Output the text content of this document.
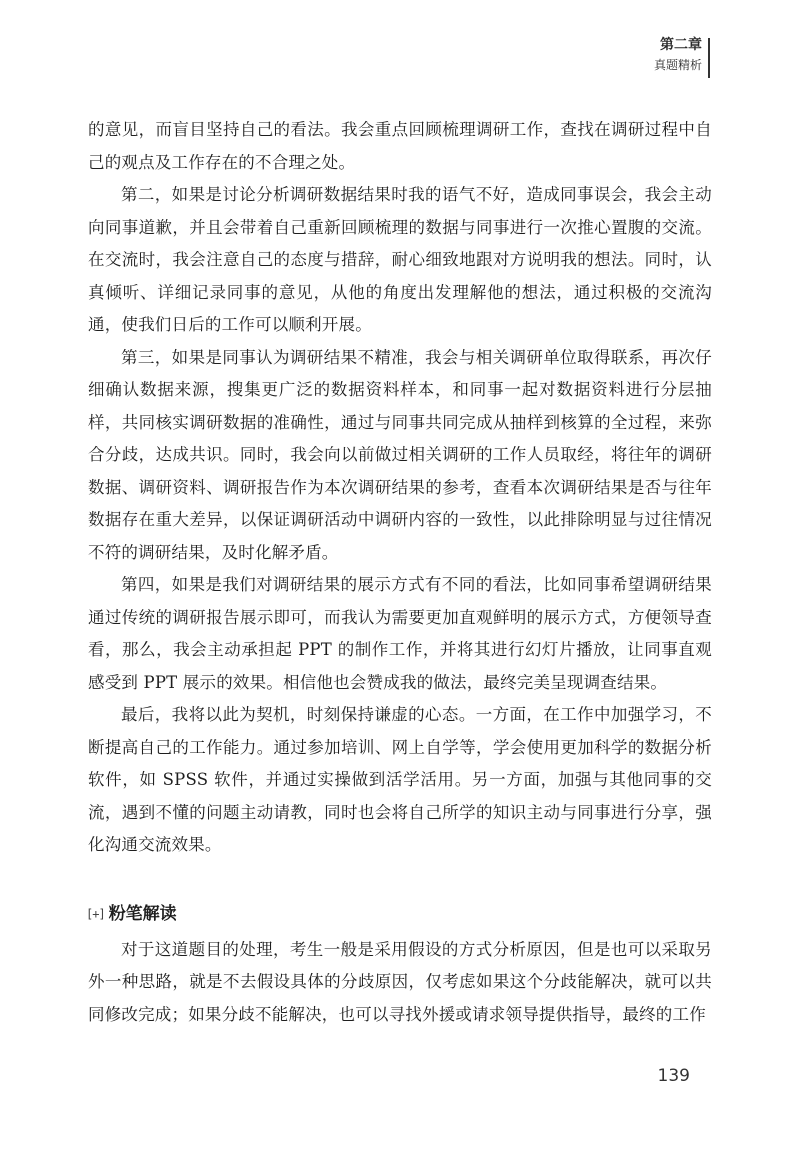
第二章
真题精析

的意见，而盲目坚持自己的看法。我会重点回顾梳理调研工作，查找在调研过程中自己的观点及工作存在的不合理之处。

第二，如果是讨论分析调研数据结果时我的语气不好，造成同事误会，我会主动向同事道歉，并且会带着自己重新回顾梳理的数据与同事进行一次推心置腹的交流。在交流时，我会注意自己的态度与措辞，耐心细致地跟对方说明我的想法。同时，认真倾听、详细记录同事的意见，从他的角度出发理解他的想法，通过积极的交流沟通，使我们日后的工作可以顺利开展。

第三，如果是同事认为调研结果不精准，我会与相关调研单位取得联系，再次仔细确认数据来源，搜集更广泛的数据资料样本，和同事一起对数据资料进行分层抽样，共同核实调研数据的准确性，通过与同事共同完成从抽样到核算的全过程，来弥合分歧，达成共识。同时，我会向以前做过相关调研的工作人员取经，将往年的调研数据、调研资料、调研报告作为本次调研结果的参考，查看本次调研结果是否与往年数据存在重大差异，以保证调研活动中调研内容的一致性，以此排除明显与过往情况不符的调研结果，及时化解矛盾。

第四，如果是我们对调研结果的展示方式有不同的看法，比如同事希望调研结果通过传统的调研报告展示即可，而我认为需要更加直观鲜明的展示方式，方便领导查看，那么，我会主动承担起 PPT 的制作工作，并将其进行幻灯片播放，让同事直观感受到 PPT 展示的效果。相信他也会赞成我的做法，最终完美呈现调查结果。

最后，我将以此为契机，时刻保持谦虚的心态。一方面，在工作中加强学习，不断提高自己的工作能力。通过参加培训、网上自学等，学会使用更加科学的数据分析软件，如 SPSS 软件，并通过实操做到活学活用。另一方面，加强与其他同事的交流，遇到不懂的问题主动请教，同时也会将自己所学的知识主动与同事进行分享，强化沟通交流效果。

[+] 粉笔解读

对于这道题目的处理，考生一般是采用假设的方式分析原因，但是也可以采取另外一种思路，就是不去假设具体的分歧原因，仅考虑如果这个分歧能解决，就可以共同修改完成；如果分歧不能解决，也可以寻找外援或请求领导提供指导，最终的工作

139
